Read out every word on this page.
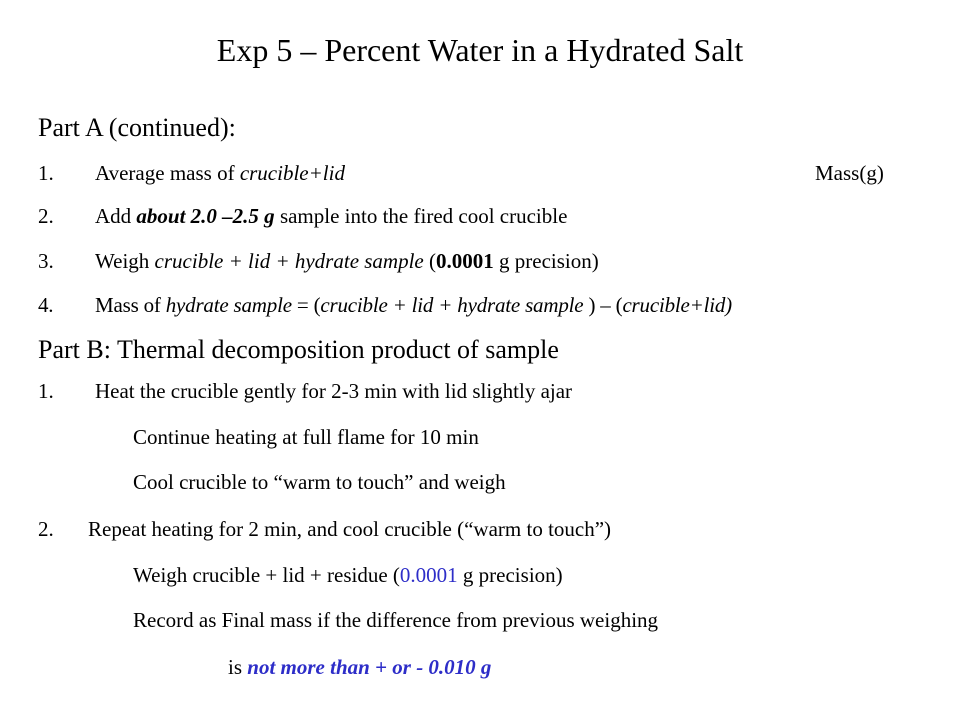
Exp 5 – Percent Water in a Hydrated Salt
Part A (continued):
1. Average mass of crucible+lid	Mass(g)
2. Add about 2.0 –2.5 g sample into the fired cool crucible
3. Weigh crucible + lid + hydrate sample (0.0001 g precision)
4. Mass of hydrate sample = (crucible + lid + hydrate sample ) – (crucible+lid)
Part B: Thermal decomposition product of sample
1. Heat the crucible gently for 2-3 min with lid slightly ajar
Continue heating at full flame for 10 min
Cool crucible to “warm to touch” and weigh
2. Repeat heating for 2 min, and cool crucible (“warm to touch”)
Weigh crucible + lid + residue (0.0001 g precision)
Record as Final mass if the difference from previous weighing
is not more than + or - 0.010 g
